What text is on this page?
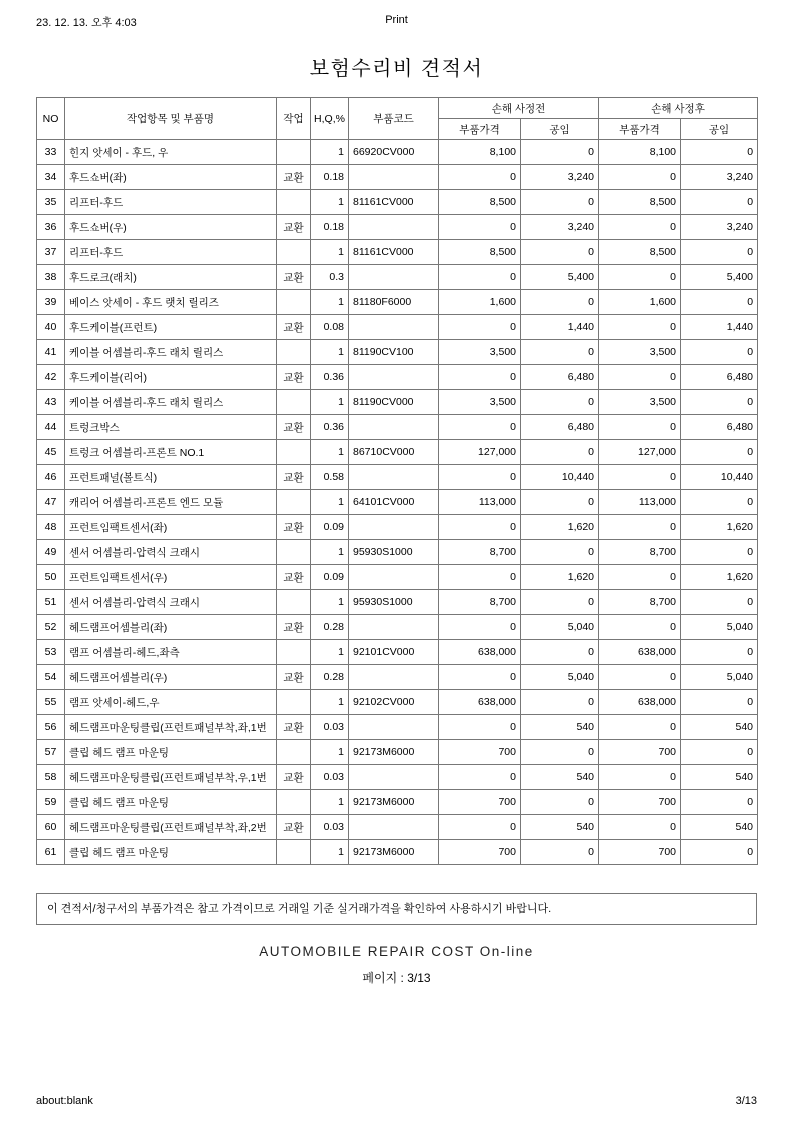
23. 12. 13. 오후 4:03	Print
보험수리비 견적서
NO	작업항목 및 부품명	작업	H,Q,%	부품코드	손해 사정전		손해 사정후	
					부품가격	공임	부품가격	공임
33	힌지 앗세이 - 후드, 우		1	66920CV000	8,100	0	8,100	0
34	후드쇼버(좌)	교환	0.18		0	3,240	0	3,240
35	리프터-후드		1	81161CV000	8,500	0	8,500	0
36	후드쇼버(우)	교환	0.18		0	3,240	0	3,240
37	리프터-후드		1	81161CV000	8,500	0	8,500	0
38	후드로크(래치)	교환	0.3		0	5,400	0	5,400
39	베이스 앗세이 - 후드 랫치 릴리즈		1	81180F6000	1,600	0	1,600	0
40	후드케이블(프런트)	교환	0.08		0	1,440	0	1,440
41	케이블 어셈블리-후드 래치 릴리스		1	81190CV100	3,500	0	3,500	0
42	후드케이블(리어)	교환	0.36		0	6,480	0	6,480
43	케이블 어셈블리-후드 래치 릴리스		1	81190CV000	3,500	0	3,500	0
44	트렁크박스	교환	0.36		0	6,480	0	6,480
45	트렁크 어셈블리-프론트 NO.1		1	86710CV000	127,000	0	127,000	0
46	프런트패널(볼트식)	교환	0.58		0	10,440	0	10,440
47	캐리어 어셈블리-프론트 엔드 모듈		1	64101CV000	113,000	0	113,000	0
48	프런트임팩트센서(좌)	교환	0.09		0	1,620	0	1,620
49	센서 어셈블리-압력식 크래시		1	95930S1000	8,700	0	8,700	0
50	프런트임팩트센서(우)	교환	0.09		0	1,620	0	1,620
51	센서 어셈블리-압력식 크래시		1	95930S1000	8,700	0	8,700	0
52	헤드램프어셈블리(좌)	교환	0.28		0	5,040	0	5,040
53	램프 어셈블리-헤드,좌측		1	92101CV000	638,000	0	638,000	0
54	헤드램프어셈블리(우)	교환	0.28		0	5,040	0	5,040
55	램프 앗세이-헤드,우		1	92102CV000	638,000	0	638,000	0
56	헤드램프마운팅클립(프런트패널부착,좌,1번	교환	0.03		0	540	0	540
57	클립 헤드 램프 마운팅		1	92173M6000	700	0	700	0
58	헤드램프마운팅클립(프런트패널부착,우,1번	교환	0.03		0	540	0	540
59	클립 헤드 램프 마운팅		1	92173M6000	700	0	700	0
60	헤드램프마운팅클립(프런트패널부착,좌,2번	교환	0.03		0	540	0	540
61	클립 헤드 램프 마운팅		1	92173M6000	700	0	700	0
이 견적서/청구서의 부품가격은 참고 가격이므로 거래일 기준 실거래가격을 확인하여 사용하시기 바랍니다.
AUTOMOBILE REPAIR COST On-line
페이지 : 3/13
about:blank	3/13
